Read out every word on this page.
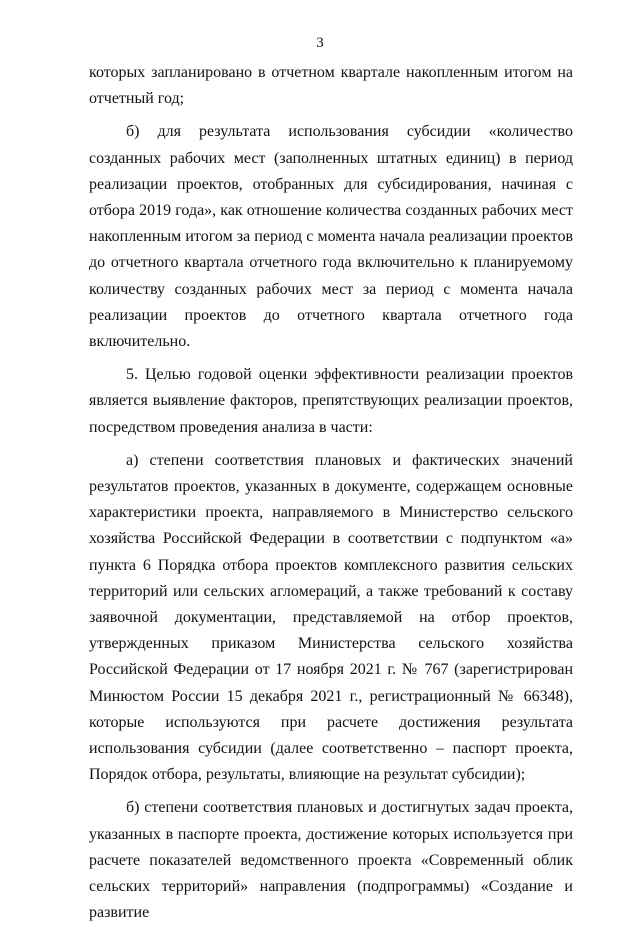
3

которых запланировано в отчетном квартале накопленным итогом на отчетный год;

б) для результата использования субсидии «количество созданных рабочих мест (заполненных штатных единиц) в период реализации проектов, отобранных для субсидирования, начиная с отбора 2019 года», как отношение количества созданных рабочих мест накопленным итогом за период с момента начала реализации проектов до отчетного квартала отчетного года включительно к планируемому количеству созданных рабочих мест за период с момента начала реализации проектов до отчетного квартала отчетного года включительно.

5. Целью годовой оценки эффективности реализации проектов является выявление факторов, препятствующих реализации проектов, посредством проведения анализа в части:

а) степени соответствия плановых и фактических значений результатов проектов, указанных в документе, содержащем основные характеристики проекта, направляемого в Министерство сельского хозяйства Российской Федерации в соответствии с подпунктом «а» пункта 6 Порядка отбора проектов комплексного развития сельских территорий или сельских агломераций, а также требований к составу заявочной документации, представляемой на отбор проектов, утвержденных приказом Министерства сельского хозяйства Российской Федерации от 17 ноября 2021 г. № 767 (зарегистрирован Минюстом России 15 декабря 2021 г., регистрационный № 66348), которые используются при расчете достижения результата использования субсидии (далее соответственно – паспорт проекта, Порядок отбора, результаты, влияющие на результат субсидии);

б) степени соответствия плановых и достигнутых задач проекта, указанных в паспорте проекта, достижение которых используется при расчете показателей ведомственного проекта «Современный облик сельских территорий» направления (подпрограммы) «Создание и развитие
